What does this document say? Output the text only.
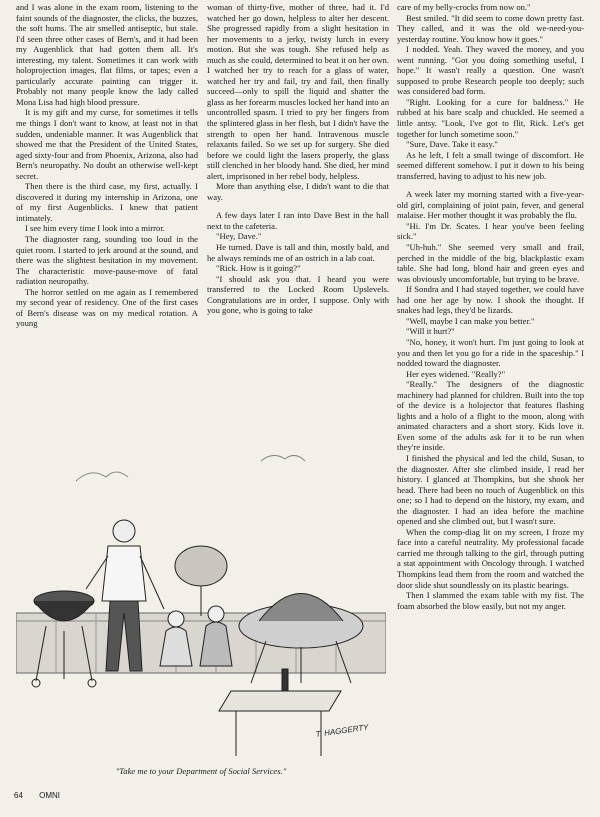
and I was alone in the exam room, listening to the faint sounds of the diagnoster, the clicks, the buzzes, the soft hums. The air smelled antiseptic, but stale. I'd seen three other cases of Bern's, and it had been my Augenblick that had gotten them all. It's interesting, my talent. Sometimes it can work with holoprojection images, flat films, or tapes; even a particularly accurate painting can trigger it. Probably not many people know the lady called Mona Lisa had high blood pressure.

It is my gift and my curse, for sometimes it tells me things I don't want to know, at least not in that sudden, undeniable manner. It was Augenblick that showed me that the President of the United States, aged sixty-four and from Phoenix, Arizona, also had Bern's neuropathy. No doubt an otherwise well-kept secret.

Then there is the third case, my first, actually. I discovered it during my internship in Arizona, one of my first Augenblicks. I knew that patient intimately.

I see him every time I look into a mirror.

The diagnoster rang, sounding too loud in the quiet room. I started to jerk around at the sound, and there was the slightest hesitation in my movement. The characteristic move-pause-move of fatal radiation neuropathy.

The horror settled on me again as I remembered my second year of residency. One of the first cases of Bern's disease was on my medical rotation. A young

woman of thirty-five, mother of three, had it. I'd watched her go down, helpless to alter her descent. She progressed rapidly from a slight hesitation in her movements to a jerky, twisty lurch in every motion. But she was tough. She refused help as much as she could, determined to beat it on her own. I watched her try to reach for a glass of water, watched her try and fail, try and fail, then finally succeed—only to spill the liquid and shatter the glass as her forearm muscles locked her hand into an uncontrolled spasm. I tried to pry her fingers from the splintered glass in her flesh, but I didn't have the strength to open her hand. Intravenous muscle relaxants failed. So we set up for surgery. She died before we could light the lasers properly, the glass still clenched in her bloody hand. She died, her mind alert, imprisoned in her rebel body, helpless.

More than anything else, I didn't want to die that way.

A few days later I ran into Dave Best in the hall next to the cafeteria.

"Hey, Dave."

He turned. Dave is tall and thin, mostly bald, and he always reminds me of an ostrich in a lab coat.

"Rick. How is it going?"

"I should ask you that. I heard you were transferred to the Locked Room Upslevels. Congratulations are in order, I suppose. Only with you gone, who is going to take

care of my belly-crocks from now on."

Best smiled. "It did seem to come down pretty fast. They called, and it was the old we-need-you-yesterday routine. You know how it goes."

I nodded. Yeah. They waved the money, and you went running. "Got you doing something useful, I hope." It wasn't really a question. One wasn't supposed to probe Research people too deeply; such was considered bad form.

"Right. Looking for a cure for baldness." He rubbed at his bare scalp and chuckled. He seemed a little antsy. "Look, I've got to flit, Rick. Let's get together for lunch sometime soon."

"Sure, Dave. Take it easy."

As he left, I felt a small twinge of discomfort. He seemed different somehow. I put it down to his being transferred, having to adjust to his new job.

A week later my morning started with a five-year-old girl, complaining of joint pain, fever, and general malaise. Her mother thought it was probably the flu.

"Hi. I'm Dr. Scates. I hear you've been feeling sick."

"Uh-huh." She seemed very small and frail, perched in the middle of the big, blackplastic exam table. She had long, blond hair and green eyes and was obviously uncomfortable, but trying to be brave.

If Sondra and I had stayed together, we could have had one her age by now. I shook the thought. If snakes had legs, they'd be lizards.

"Well, maybe I can make you better."

"Will it hurt?"

"No, honey, it won't hurt. I'm just going to look at you and then let you go for a ride in the spaceship." I nodded toward the diagnoster.

Her eyes widened. "Really?"

"Really." The designers of the diagnostic machinery had planned for children. Built into the top of the device is a holojector that features flashing lights and a holo of a flight to the moon, along with animated characters and a short story. Kids love it. Even some of the adults ask for it to be run when they're inside.

I finished the physical and led the child, Susan, to the diagnoster. After she climbed inside, I read her history. I glanced at Thompkins, but she shook her head. There had been no touch of Augenblick on this one; so I had to depend on the history, my exam, and the diagnoster. I had an idea before the machine opened and she climbed out, but I wasn't sure.

When the comp-diag lit on my screen, I froze my face into a careful neutrality. My professional facade carried me through talking to the girl, through putting a stat appointment with Oncology through. I watched Thompkins lead them from the room and watched the door slide shut soundlessly on its plastic bearings.

Then I slammed the exam table with my fist. The foam absorbed the blow easily, but not my anger.

T. HAGGERTY
"Take me to your Department of Social Services."
64 OMNI
